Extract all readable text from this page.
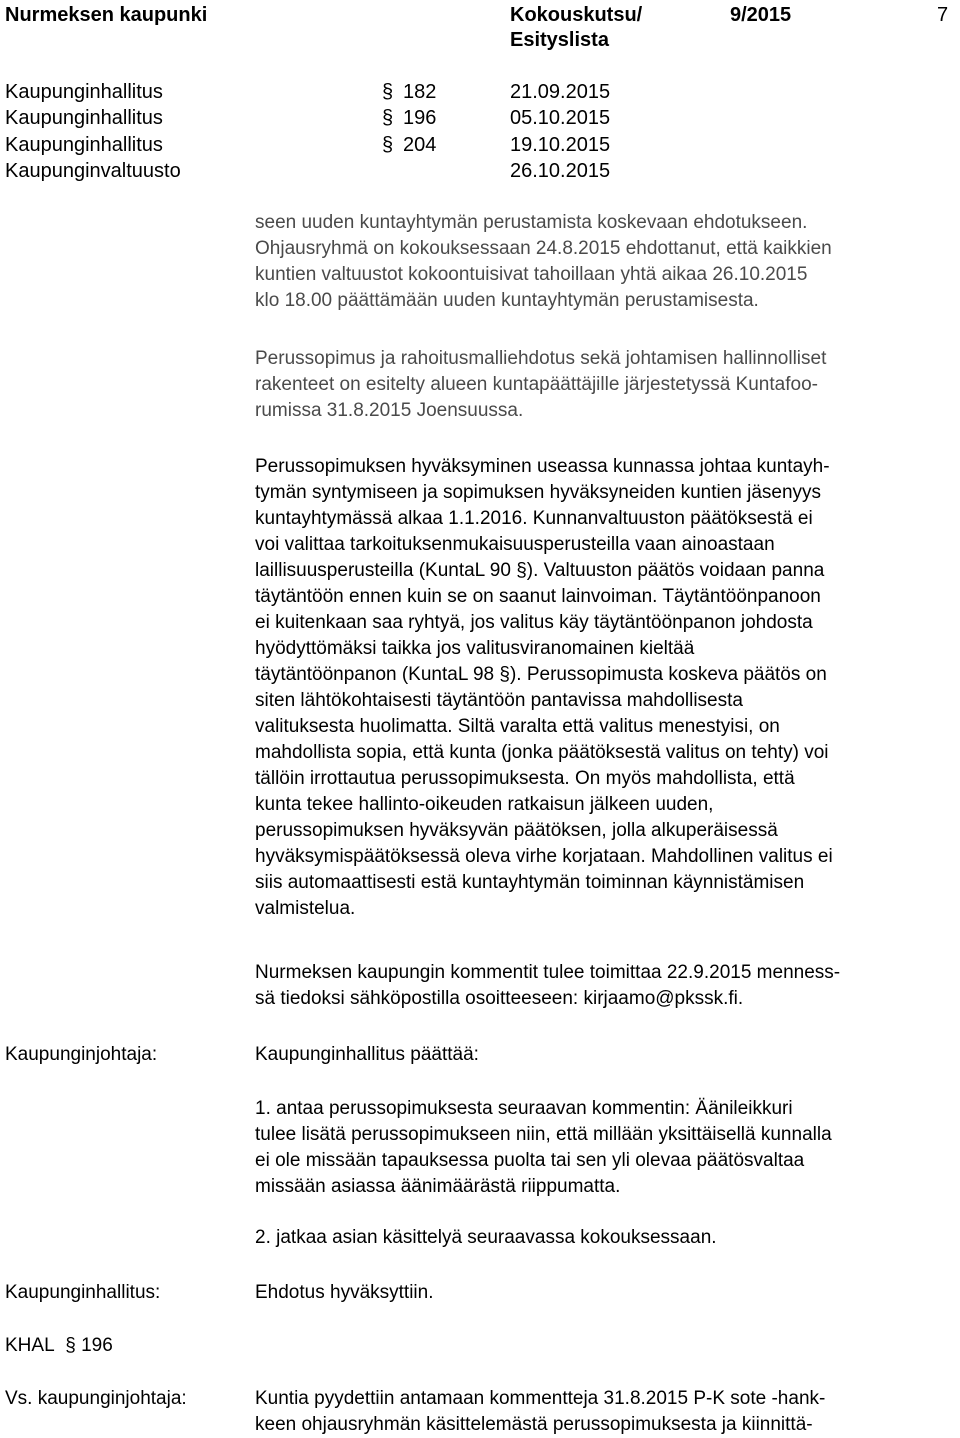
Nurmeksen kaupunki	Kokouskutsu/
Esityslista
9/2015	7
Kaupunginhallitus	§ 182	21.09.2015
Kaupunginhallitus	§ 196	05.10.2015
Kaupunginhallitus	§ 204	19.10.2015
Kaupunginvaltuusto	26.10.2015
seen uuden kuntayhtymän perustamista koskevaan ehdotukseen.
Ohjausryhmä on kokouksessaan 24.8.2015 ehdottanut, että kaikkien
kuntien valtuustot kokoontuisivat tahoillaan yhtä aikaa 26.10.2015
klo 18.00 päättämään uuden kuntayhtymän perustamisesta.
Perussopimus ja rahoitusmalliehdotus sekä johtamisen hallinnolliset
rakenteet on esitelty alueen kuntapäättäjille järjestetyssä Kuntafoo-
rumissa 31.8.2015 Joensuussa.
Perussopimuksen hyväksyminen useassa kunnassa johtaa kuntayh-
tymän syntymiseen ja sopimuksen hyväksyneiden kuntien jäsenyys
kuntayhtymässä alkaa 1.1.2016. Kunnanvaltuuston päätöksestä ei
voi valittaa tarkoituksenmukaisuusperusteilla vaan ainoastaan
laillisuusperusteilla (KuntaL 90 §). Valtuuston päätös voidaan panna
täytäntöön ennen kuin se on saanut lainvoiman. Täytäntöönpanoon
ei kuitenkaan saa ryhtyä, jos valitus käy täytäntöönpanon johdosta
hyödyttömäksi taikka jos valitusviranomainen kieltää
täytäntöönpanon (KuntaL 98 §). Perussopimusta koskeva päätös on
siten lähtökohtaisesti täytäntöön pantavissa mahdollisesta
valituksesta huolimatta. Siltä varalta että valitus menestyisi, on
mahdollista sopia, että kunta (jonka päätöksestä valitus on tehty) voi
tällöin irrottautua perussopimuksesta. On myös mahdollista, että
kunta tekee hallinto-oikeuden ratkaisun jälkeen uuden,
perussopimuksen hyväksyvän päätöksen, jolla alkuperäisessä
hyväksymispäätöksessä oleva virhe korjataan. Mahdollinen valitus ei
siis automaattisesti estä kuntayhtymän toiminnan käynnistämisen
valmistelua.
Nurmeksen kaupungin kommentit tulee toimittaa 22.9.2015 menness-
sä tiedoksi sähköpostilla osoitteeseen: kirjaamo@pkssk.fi.
Kaupunginjohtaja:	Kaupunginhallitus päättää:
1. antaa perussopimuksesta seuraavan kommentin: Äänileikkuri
tulee lisätä perussopimukseen niin, että millään yksittäisellä kunnalla
ei ole missään tapauksessa puolta tai sen yli olevaa päätösvaltaa
missään asiassa äänimäärästä riippumatta.
2. jatkaa asian käsittelyä seuraavassa kokouksessaan.
Kaupunginhallitus:	Ehdotus hyväksyttiin.
KHAL § 196
Vs. kaupunginjohtaja:	Kuntia pyydettiin antamaan kommentteja 31.8.2015 P-K sote -hank-
keen ohjausryhmän käsittelemästä perussopimuksesta ja kiinnittä-
